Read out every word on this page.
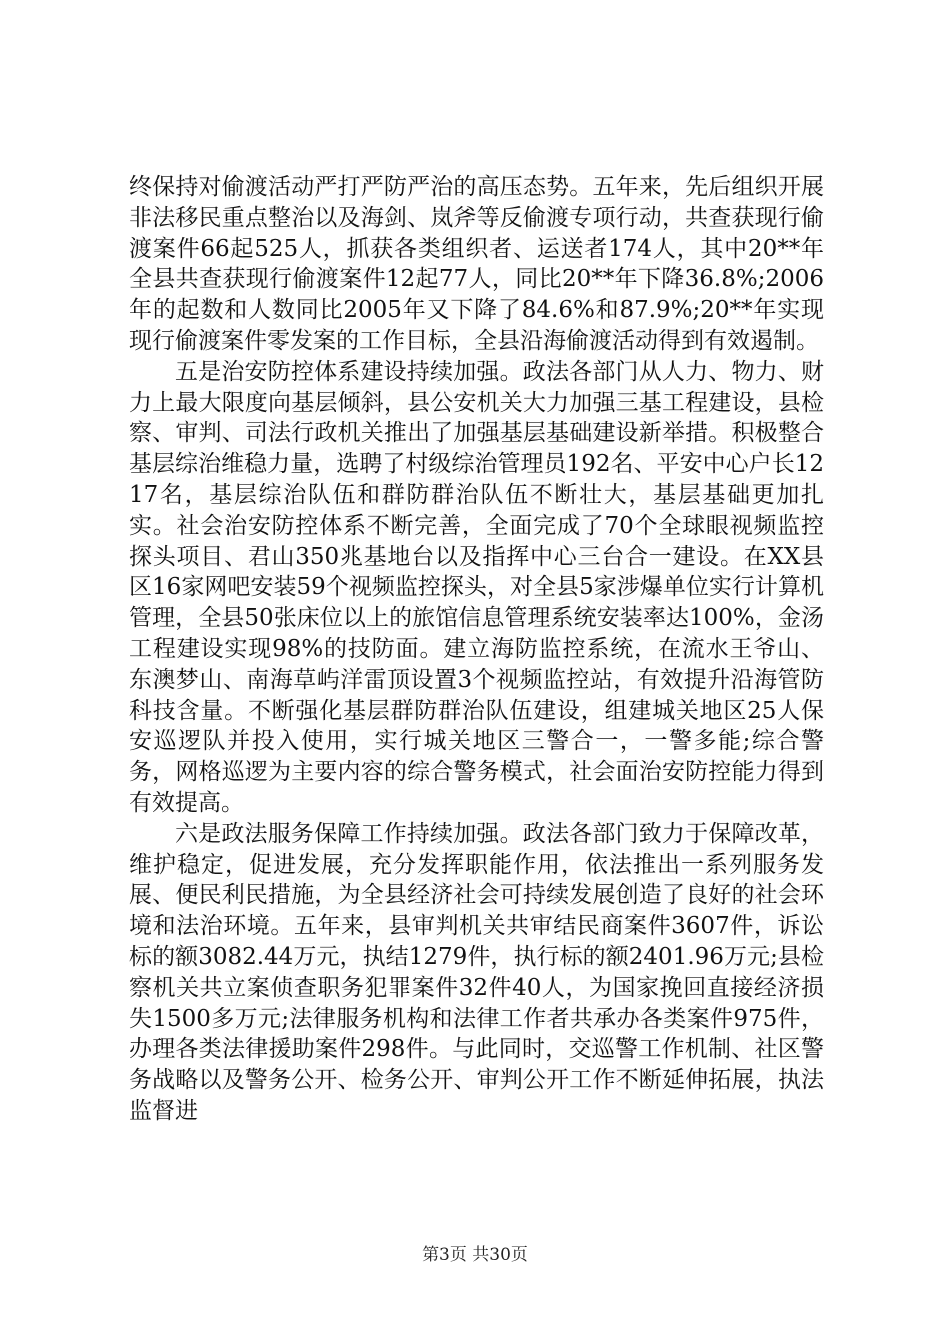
终保持对偷渡活动严打严防严治的高压态势。五年来，先后组织开展非法移民重点整治以及海剑、岚斧等反偷渡专项行动，共查获现行偷渡案件66起525人，抓获各类组织者、运送者174人，其中20**年全县共查获现行偷渡案件12起77人，同比20**年下降36.8%;2006年的起数和人数同比2005年又下降了84.6%和87.9%;20**年实现现行偷渡案件零发案的工作目标，全县沿海偷渡活动得到有效遏制。

五是治安防控体系建设持续加强。政法各部门从人力、物力、财力上最大限度向基层倾斜，县公安机关大力加强三基工程建设，县检察、审判、司法行政机关推出了加强基层基础建设新举措。积极整合基层综治维稳力量，选聘了村级综治管理员192名、平安中心户长1217名，基层综治队伍和群防群治队伍不断壮大，基层基础更加扎实。社会治安防控体系不断完善，全面完成了70个全球眼视频监控探头项目、君山350兆基地台以及指挥中心三台合一建设。在XX县区16家网吧安装59个视频监控探头，对全县5家涉爆单位实行计算机管理，全县50张床位以上的旅馆信息管理系统安装率达100%，金汤工程建设实现98%的技防面。建立海防监控系统，在流水王爷山、东澳梦山、南海草屿洋雷顶设置3个视频监控站，有效提升沿海管防科技含量。不断强化基层群防群治队伍建设，组建城关地区25人保安巡逻队并投入使用，实行城关地区三警合一，一警多能;综合警务，网格巡逻为主要内容的综合警务模式，社会面治安防控能力得到有效提高。

六是政法服务保障工作持续加强。政法各部门致力于保障改革，维护稳定，促进发展，充分发挥职能作用，依法推出一系列服务发展、便民利民措施，为全县经济社会可持续发展创造了良好的社会环境和法治环境。五年来，县审判机关共审结民商案件3607件，诉讼标的额3082.44万元，执结1279件，执行标的额2401.96万元;县检察机关共立案侦查职务犯罪案件32件40人，为国家挽回直接经济损失1500多万元;法律服务机构和法律工作者共承办各类案件975件，办理各类法律援助案件298件。与此同时，交巡警工作机制、社区警务战略以及警务公开、检务公开、审判公开工作不断延伸拓展，执法监督进

第3页 共30页
